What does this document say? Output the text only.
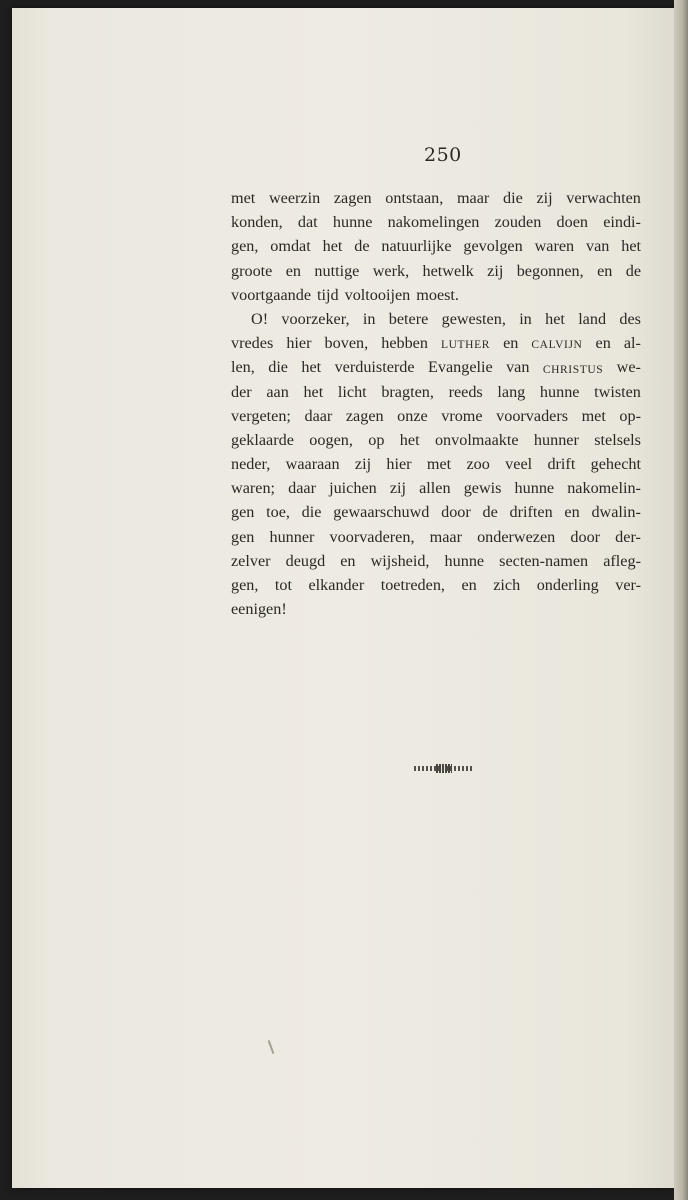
250
met weerzin zagen ontstaan, maar die zij verwachten
konden, dat hunne nakomelingen zouden doen eindi-
gen, omdat het de natuurlijke gevolgen waren van het
groote en nuttige werk, hetwelk zij begonnen, en de
voortgaande tijd voltooijen moest.
O! voorzeker, in betere gewesten, in het land des
vredes hier boven, hebben LUTHER en CALVIJN en al-
len, die het verduisterde Evangelie van CHRISTUS we-
der aan het licht bragten, reeds lang hunne twisten
vergeten; daar zagen onze vrome voorvaders met op-
geklaarde oogen, op het onvolmaakte hunner stelsels
neder, waaraan zij hier met zoo veel drift gehecht
waren; daar juichen zij allen gewis hunne nakomelin-
gen toe, die gewaarschuwd door de driften en dwalin-
gen hunner voorvaderen, maar onderwezen door der-
zelver deugd en wijsheid, hunne secten-namen afleg-
gen, tot elkander toetreden, en zich onderling ver-
eenigen!
